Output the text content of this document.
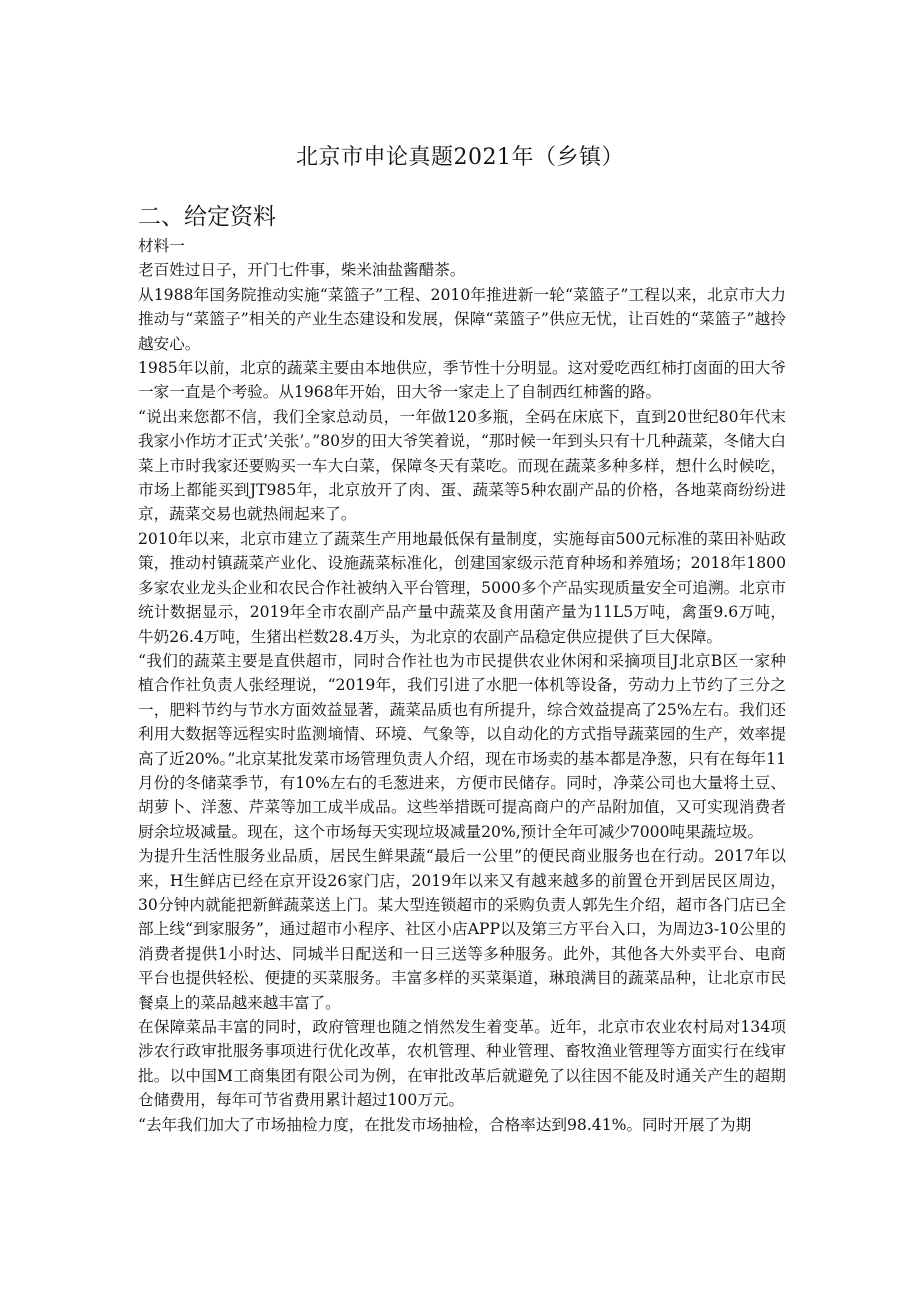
北京市申论真题2021年（乡镇）
二、给定资料

材料一

老百姓过日子，开门七件事，柴米油盐酱醋茶。

从1988年国务院推动实施“菜篮子”工程、2010年推进新一轮“菜篮子”工程以来，北京市大力推动与“菜篮子”相关的产业生态建设和发展，保障“菜篮子”供应无忧，让百姓的“菜篮子”越拎越安心。

1985年以前，北京的蔬菜主要由本地供应，季节性十分明显。这对爱吃西红柿打卤面的田大爷一家一直是个考验。从1968年开始，田大爷一家走上了自制西红柿酱的路。

“说出来您都不信，我们全家总动员，一年做120多瓶，全码在床底下，直到20世纪80年代末我家小作坊才正式’关张’。”80岁的田大爷笑着说，“那时候一年到头只有十几种蔬菜，冬储大白菜上市时我家还要购买一车大白菜，保障冬天有菜吃。而现在蔬菜多种多样，想什么时候吃，市场上都能买到JT985年，北京放开了肉、蛋、蔬菜等5种农副产品的价格，各地菜商纷纷进京，蔬菜交易也就热闹起来了。

2010年以来，北京市建立了蔬菜生产用地最低保有量制度，实施每亩500元标准的菜田补贴政策，推动村镇蔬菜产业化、设施蔬菜标准化，创建国家级示范育种场和养殖场；2018年1800多家农业龙头企业和农民合作社被纳入平台管理，5000多个产品实现质量安全可追溯。北京市统计数据显示，2019年全市农副产品产量中蔬菜及食用菌产量为11L5万吨，禽蛋9.6万吨，牛奶26.4万吨，生猪出栏数28.4万头，为北京的农副产品稳定供应提供了巨大保障。

“我们的蔬菜主要是直供超市，同时合作社也为市民提供农业休闲和采摘项目J北京B区一家种植合作社负责人张经理说，“2019年，我们引进了水肥一体机等设备，劳动力上节约了三分之一，肥料节约与节水方面效益显著，蔬菜品质也有所提升，综合效益提高了25%左右。我们还利用大数据等远程实时监测墒情、环境、气象等，以自动化的方式指导蔬菜园的生产，效率提高了近20%。”北京某批发菜市场管理负责人介绍，现在市场卖的基本都是净葱，只有在每年11月份的冬储菜季节，有10%左右的毛葱进来，方便市民储存。同时，净菜公司也大量将土豆、胡萝卜、洋葱、芹菜等加工成半成品。这些举措既可提高商户的产品附加值，又可实现消费者厨余垃圾减量。现在，这个市场每天实现垃圾减量20%,预计全年可减少7000吨果蔬垃圾。

为提升生活性服务业品质，居民生鲜果蔬“最后一公里”的便民商业服务也在行动。2017年以来，H生鲜店已经在京开设26家门店，2019年以来又有越来越多的前置仓开到居民区周边，30分钟内就能把新鲜蔬菜送上门。某大型连锁超市的采购负责人郭先生介绍，超市各门店已全部上线“到家服务”，通过超市小程序、社区小店APP以及第三方平台入口，为周边3-10公里的消费者提供1小时达、同城半日配送和一日三送等多种服务。此外，其他各大外卖平台、电商平台也提供轻松、便捷的买菜服务。丰富多样的买菜渠道，琳琅满目的蔬菜品种，让北京市民餐桌上的菜品越来越丰富了。

在保障菜品丰富的同时，政府管理也随之悄然发生着变革。近年，北京市农业农村局对134项涉农行政审批服务事项进行优化改革，农机管理、种业管理、畜牧渔业管理等方面实行在线审批。以中国M工商集团有限公司为例，在审批改革后就避免了以往因不能及时通关产生的超期仓储费用，每年可节省费用累计超过100万元。

“去年我们加大了市场抽检力度，在批发市场抽检，合格率达到98.41%。同时开展了为期
